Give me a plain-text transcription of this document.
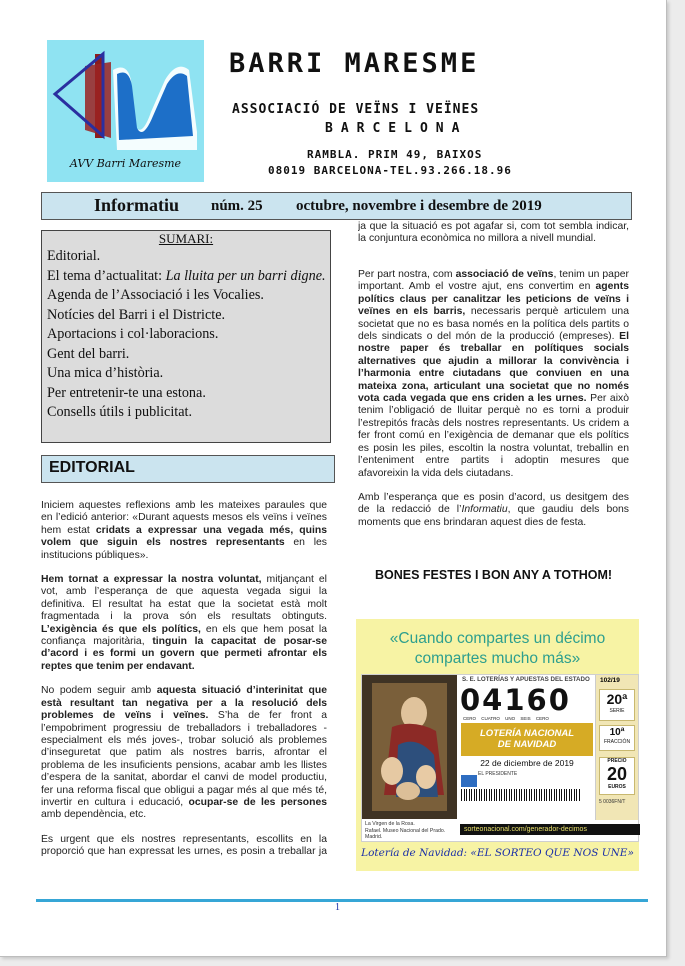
AVV Barri Maresme
BARRI MARESME
ASSOCIACIÓ DE VEÏNS I VEÏNES
BARCELONA
RAMBLA. PRIM 49, BAIXOS
08019 BARCELONA-TEL.93.266.18.96
Informatiu núm. 25 octubre, novembre i desembre de 2019
SUMARI:
Editorial.
El tema d’actualitat: La lluita per un barri digne.
Agenda de l’Associació i les Vocalies.
Notícies del Barri i el Districte.
Aportacions i col·laboracions.
Gent del barri.
Una mica d’història.
Per entretenir-te una estona.
Consells útils i publicitat.
EDITORIAL

Iniciem aquestes reflexions amb les mateixes paraules que en l’edició anterior: «Durant aquests mesos els veïns i veïnes hem estat cridats a expressar una vegada més, quins volem que siguin els nostres representants en les institucions públiques».

Hem tornat a expressar la nostra voluntat, mitjançant el vot, amb l’esperança de que aquesta vegada sigui la definitiva. El resultat ha estat que la societat està molt fragmentada i la prova són els resultats obtinguts. L’exigència és que els polítics, en els que hem posat la confiança majoritària, tinguin la capacitat de posar-se d’acord i es formi un govern que permeti afrontar els reptes que tenim per endavant.

No podem seguir amb aquesta situació d’interinitat que està resultant tan negativa per a la resolució dels problemes de veïns i veïnes. S’ha de fer front a l’empobriment progressiu de treballadors i treballadores -especialment els més joves-, trobar solució als problemes d’inseguretat que patim als nostres barris, afrontar el problema de les insuficients pensions, acabar amb les llistes d’espera de la sanitat, abordar el canvi de model productiu, fer una reforma fiscal que obligui a pagar més al que més té, invertir en cultura i educació, ocupar-se de les persones amb dependència, etc.

És urgent que els nostres representants, escollits en la proporció que han expressat les urnes, es posin a treballar ja

ja que la situació es pot agafar si, com tot sembla indicar, la conjuntura econòmica no millora a nivell mundial.

Per part nostra, com associació de veïns, tenim un paper important. Amb el vostre ajut, ens convertim en agents polítics claus per canalitzar les peticions de veïns i veïnes en els barris, necessaris perquè articulem una societat que no es basa només en la política dels partits o dels sindicats o del món de la producció (empreses). El nostre paper és treballar en polítiques socials alternatives que ajudin a millorar la convivència i l’harmonia entre ciutadans que conviuen en una mateixa zona, articulant una societat que no només vota cada vegada que ens criden a les urnes. Per això tenim l’obligació de lluitar perquè no es torni a produir l’estrepitós fracàs dels nostres representants. Us cridem a fer front comú en l’exigència de demanar que els polítics es posin les piles, escoltin la nostra voluntat, treballin en l’enteniment entre partits i adoptin mesures que afavoreixin la vida dels ciutadans.

Amb l’esperança que es posin d’acord, us desitgem des de la redacció de l’Informatiu, que gaudiu dels bons moments que ens brindaran aquest dies de festa.

BONES FESTES I BON ANY A TOTHOM!
«Cuando compartes un décimo
compartes mucho más»
La Virgen de la Rosa.
Rafael. Museo Nacional del Prado. Madrid.
S. E. LOTERÍAS Y APUESTAS DEL ESTADO
04160
CERO CUATRO UNO SEIS CERO
LOTERÍA NACIONAL
DE NAVIDAD
22 de diciembre de 2019
EL PRESIDENTE
102/19
20ª
SERIE
10ª
FRACCIÓN
PRECIO
20
EUROS
5 0036FN/T
sorteonacional.com/generador-decimos
Lotería de Navidad: «EL SORTEO QUE NOS UNE»
1
